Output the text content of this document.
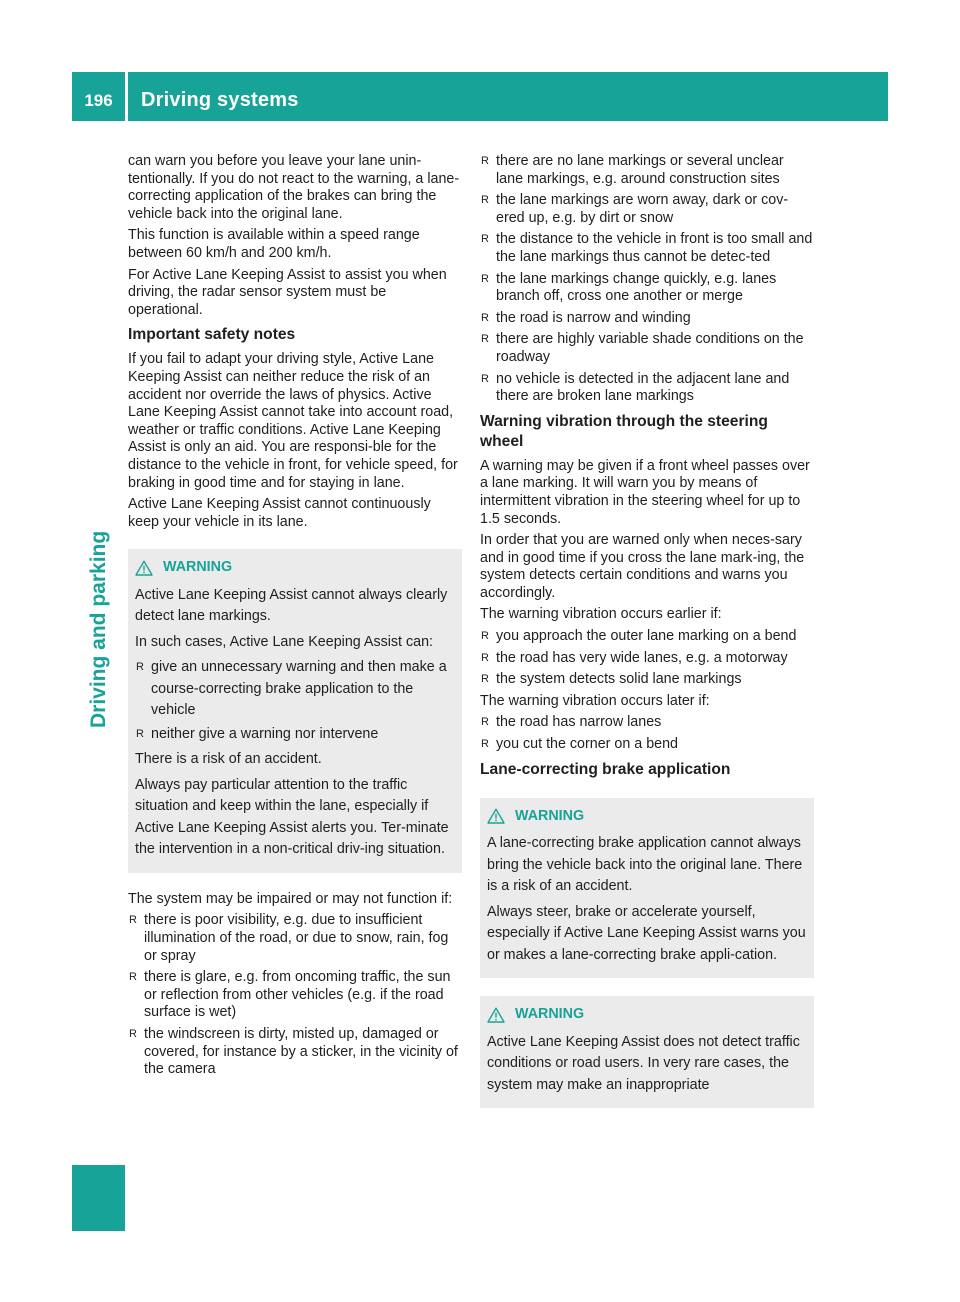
196	Driving systems
Driving and parking

can warn you before you leave your lane unin-tentionally. If you do not react to the warning, a lane-correcting application of the brakes can bring the vehicle back into the original lane.

This function is available within a speed range between 60 km/h and 200 km/h.

For Active Lane Keeping Assist to assist you when driving, the radar sensor system must be operational.

Important safety notes

If you fail to adapt your driving style, Active Lane Keeping Assist can neither reduce the risk of an accident nor override the laws of physics. Active Lane Keeping Assist cannot take into account road, weather or traffic conditions. Active Lane Keeping Assist is only an aid. You are responsi-ble for the distance to the vehicle in front, for vehicle speed, for braking in good time and for staying in lane.

Active Lane Keeping Assist cannot continuously keep your vehicle in its lane.

WARNING

Active Lane Keeping Assist cannot always clearly detect lane markings.

In such cases, Active Lane Keeping Assist can:

R give an unnecessary warning and then make a course-correcting brake application to the vehicle
R neither give a warning nor intervene

There is a risk of an accident.

Always pay particular attention to the traffic situation and keep within the lane, especially if Active Lane Keeping Assist alerts you. Ter-minate the intervention in a non-critical driv-ing situation.

The system may be impaired or may not function if:

R there is poor visibility, e.g. due to insufficient illumination of the road, or due to snow, rain, fog or spray
R there is glare, e.g. from oncoming traffic, the sun or reflection from other vehicles (e.g. if the road surface is wet)
R the windscreen is dirty, misted up, damaged or covered, for instance by a sticker, in the vicinity of the camera
R there are no lane markings or several unclear lane markings, e.g. around construction sites
R the lane markings are worn away, dark or cov-ered up, e.g. by dirt or snow
R the distance to the vehicle in front is too small and the lane markings thus cannot be detec-ted
R the lane markings change quickly, e.g. lanes branch off, cross one another or merge
R the road is narrow and winding
R there are highly variable shade conditions on the roadway
R no vehicle is detected in the adjacent lane and there are broken lane markings
Warning vibration through the steering wheel

A warning may be given if a front wheel passes over a lane marking. It will warn you by means of intermittent vibration in the steering wheel for up to 1.5 seconds.

In order that you are warned only when neces-sary and in good time if you cross the lane mark-ing, the system detects certain conditions and warns you accordingly.

The warning vibration occurs earlier if:

R you approach the outer lane marking on a bend
R the road has very wide lanes, e.g. a motorway
R the system detects solid lane markings

The warning vibration occurs later if:

R the road has narrow lanes
R you cut the corner on a bend
Lane-correcting brake application
WARNING

A lane-correcting brake application cannot always bring the vehicle back into the original lane. There is a risk of an accident.

Always steer, brake or accelerate yourself, especially if Active Lane Keeping Assist warns you or makes a lane-correcting brake appli-cation.

WARNING

Active Lane Keeping Assist does not detect traffic conditions or road users. In very rare cases, the system may make an inappropriate
